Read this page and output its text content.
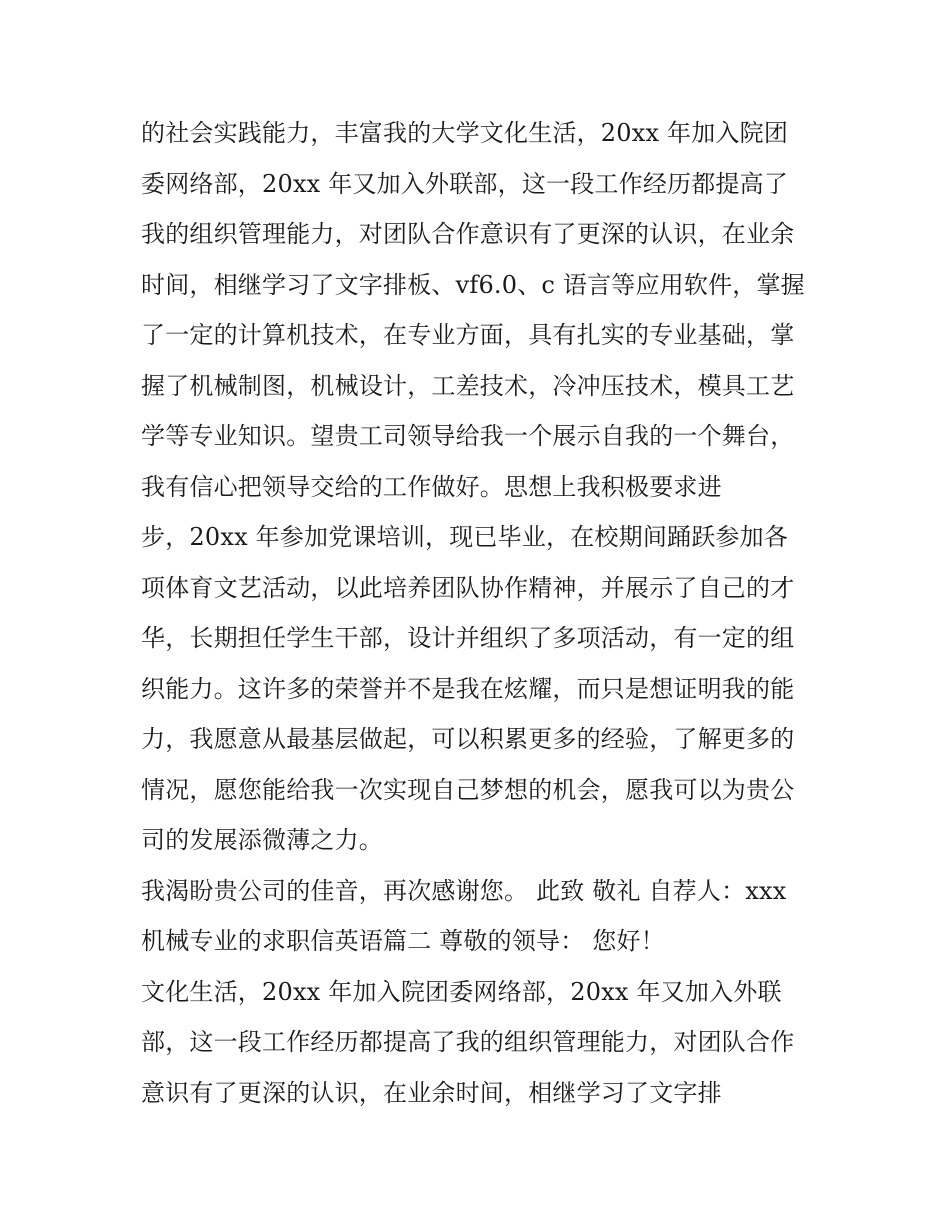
的社会实践能力，丰富我的大学文化生活，20xx 年加入院团
委网络部，20xx 年又加入外联部，这一段工作经历都提高了
我的组织管理能力，对团队合作意识有了更深的认识，在业余
时间，相继学习了文字排板、vf6.0、c 语言等应用软件，掌握
了一定的计算机技术，在专业方面，具有扎实的专业基础，掌
握了机械制图，机械设计，工差技术，冷冲压技术，模具工艺
学等专业知识。望贵工司领导给我一个展示自我的一个舞台，
我有信心把领导交给的工作做好。思想上我积极要求进
步，20xx 年参加党课培训，现已毕业，在校期间踊跃参加各
项体育文艺活动，以此培养团队协作精神，并展示了自己的才
华，长期担任学生干部，设计并组织了多项活动，有一定的组
织能力。这许多的荣誉并不是我在炫耀，而只是想证明我的能
力，我愿意从最基层做起，可以积累更多的经验，了解更多的
情况，愿您能给我一次实现自己梦想的机会，愿我可以为贵公
司的发展添微薄之力。
我渴盼贵公司的佳音，再次感谢您。 此致 敬礼 自荐人：xxx
机械专业的求职信英语篇二 尊敬的领导： 您好！
文化生活，20xx 年加入院团委网络部，20xx 年又加入外联
部，这一段工作经历都提高了我的组织管理能力，对团队合作
意识有了更深的认识，在业余时间，相继学习了文字排
